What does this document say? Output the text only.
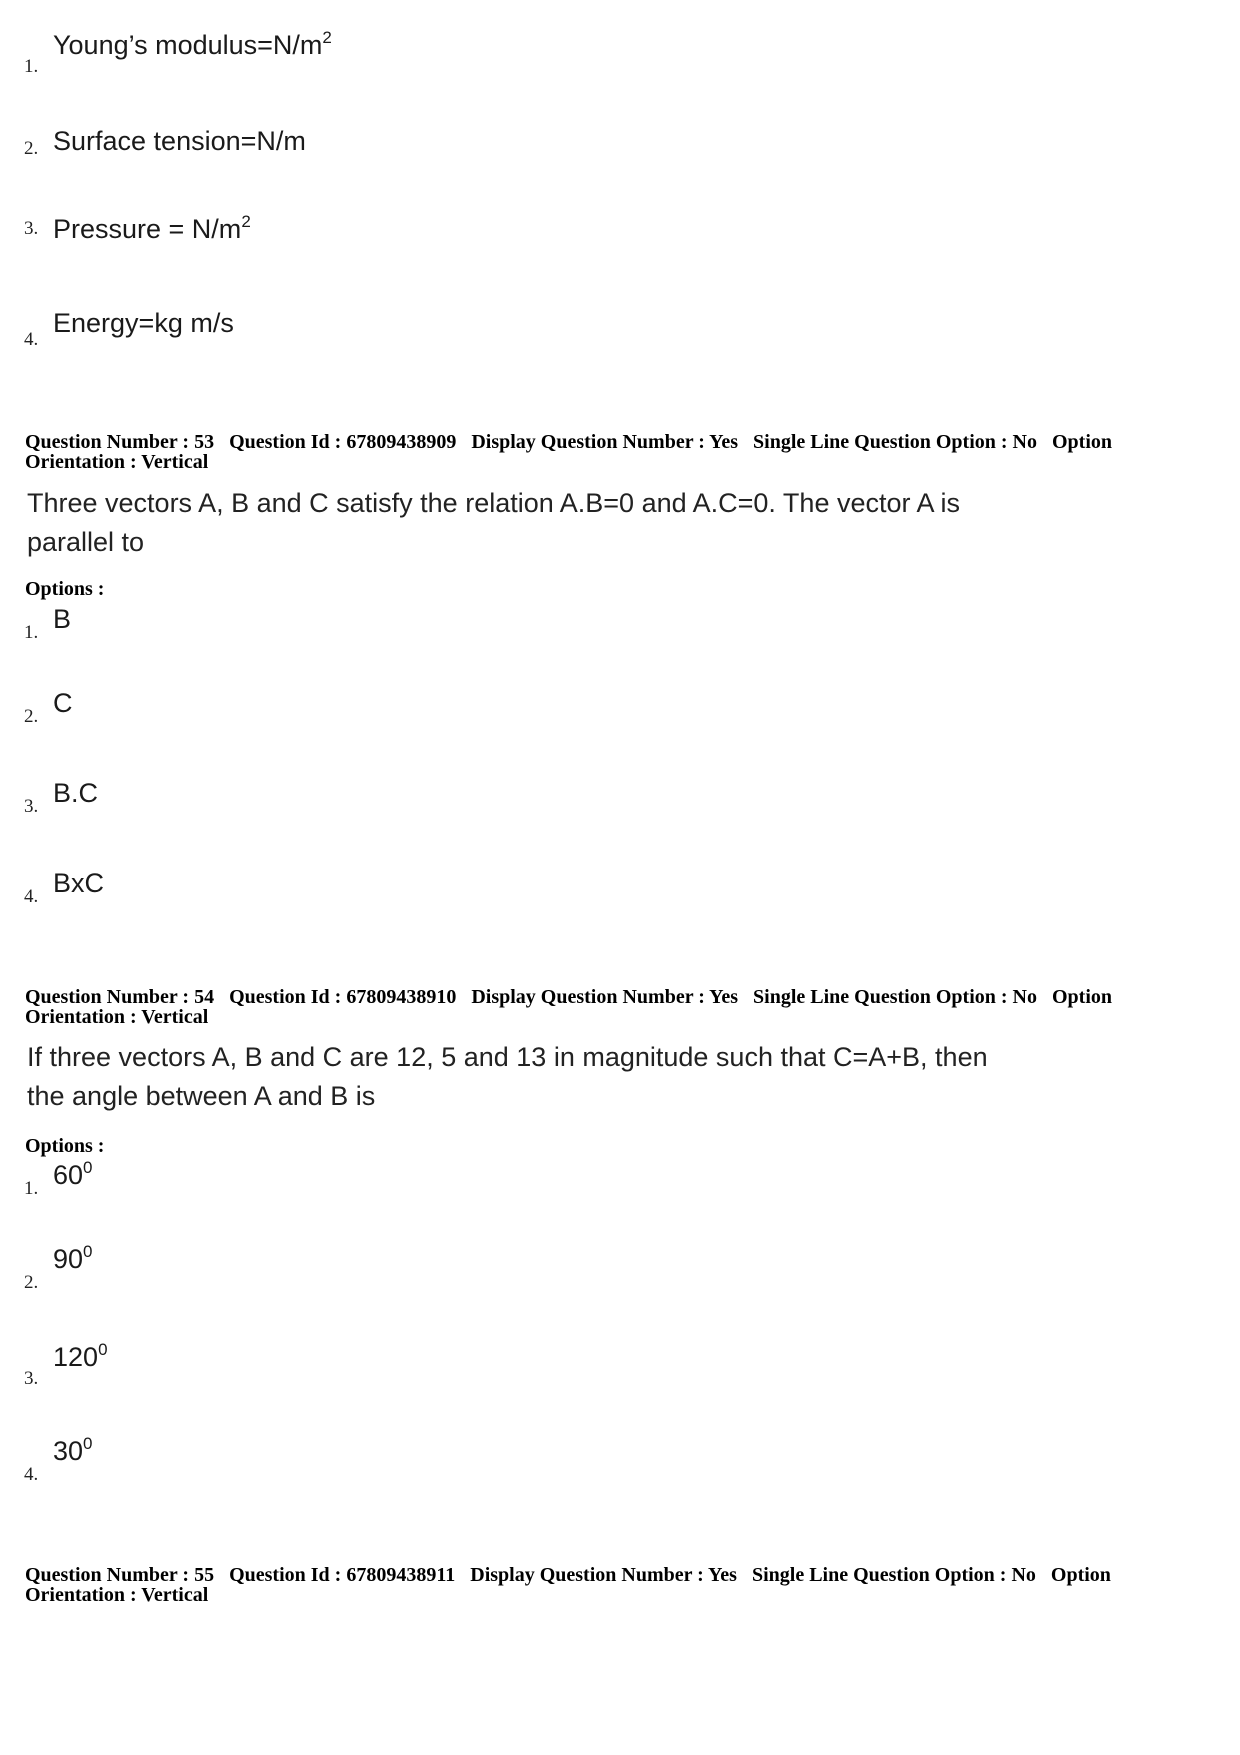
1.
Young’s $modulus=N/m^2$
2. Surface tension=N/m
3. Pressure = $N/m^2$
4.
Energy=kg m/s
Question Number : 53 Question Id : 67809438909 Display Question Number : Yes Single Line Question Option : No Option Orientation : Vertical
Three vectors A, B and C satisfy the relation A.B=0 and A.C=0. The vector A is
parallel to
Options :
1. B
2. C
3. B.C
4. BxC
Question Number : 54 Question Id : 67809438910 Display Question Number : Yes Single Line Question Option : No Option Orientation : Vertical
If three vectors A, B and C are 12, 5 and 13 in magnitude such that C=A+B, then
the angle between A and B is
Options :
1. $60^0$
2.
$90^0$
3.
$120^0$
4.
$30^0$
Question Number : 55 Question Id : 67809438911 Display Question Number : Yes Single Line Question Option : No Option Orientation : Vertical
